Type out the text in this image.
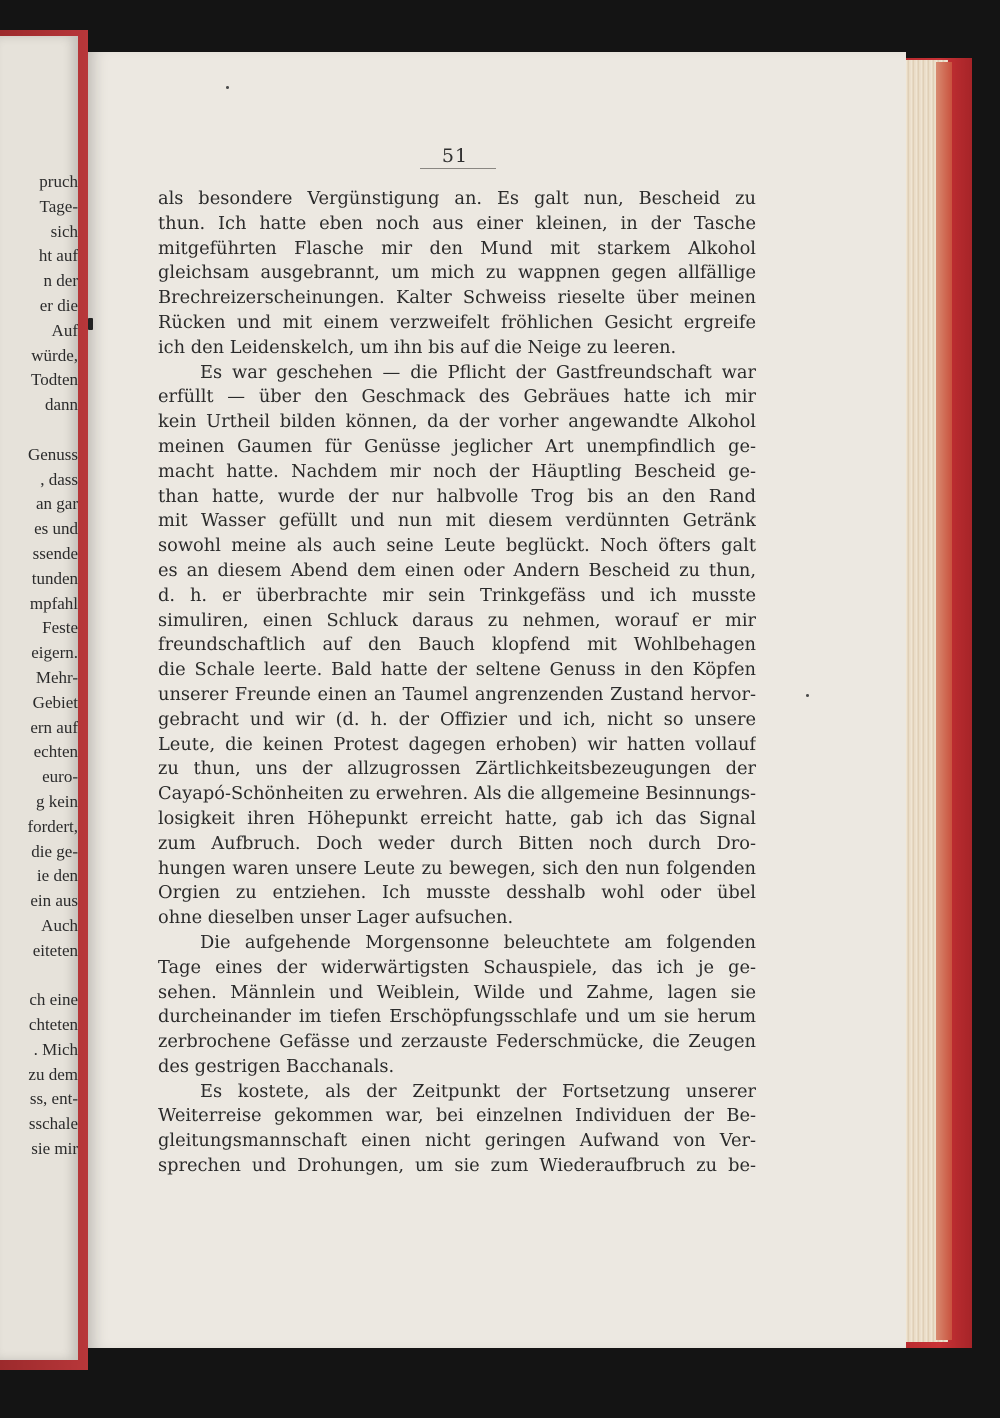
pruch
Tage-
sich
ht auf
n der
er die
Auf
würde,
Todten
dann
Genuss
, dass
an gar
es und
ssende
tunden
mpfahl
Feste
eigern.
Mehr-
Gebiet
ern auf
echten
euro-
g kein
fordert,
die ge-
ie den
ein aus
Auch
eiteten
ch eine
chteten
. Mich
zu dem
ss, ent-
sschale
sie mir
51
als besondere Vergünstigung an. Es galt nun, Bescheid zu
thun. Ich hatte eben noch aus einer kleinen, in der Tasche
mitgeführten Flasche mir den Mund mit starkem Alkohol
gleichsam ausgebrannt, um mich zu wappnen gegen allfällige
Brechreizerscheinungen. Kalter Schweiss rieselte über meinen
Rücken und mit einem verzweifelt fröhlichen Gesicht ergreife
ich den Leidenskelch, um ihn bis auf die Neige zu leeren.
Es war geschehen — die Pflicht der Gastfreundschaft war
erfüllt — über den Geschmack des Gebräues hatte ich mir
kein Urtheil bilden können, da der vorher angewandte Alkohol
meinen Gaumen für Genüsse jeglicher Art unempfindlich ge-
macht hatte. Nachdem mir noch der Häuptling Bescheid ge-
than hatte, wurde der nur halbvolle Trog bis an den Rand
mit Wasser gefüllt und nun mit diesem verdünnten Getränk
sowohl meine als auch seine Leute beglückt. Noch öfters galt
es an diesem Abend dem einen oder Andern Bescheid zu thun,
d. h. er überbrachte mir sein Trinkgefäss und ich musste
simuliren, einen Schluck daraus zu nehmen, worauf er mir
freundschaftlich auf den Bauch klopfend mit Wohlbehagen
die Schale leerte. Bald hatte der seltene Genuss in den Köpfen
unserer Freunde einen an Taumel angrenzenden Zustand hervor-
gebracht und wir (d. h. der Offizier und ich, nicht so unsere
Leute, die keinen Protest dagegen erhoben) wir hatten vollauf
zu thun, uns der allzugrossen Zärtlichkeitsbezeugungen der
Cayapó-Schönheiten zu erwehren. Als die allgemeine Besinnungs-
losigkeit ihren Höhepunkt erreicht hatte, gab ich das Signal
zum Aufbruch. Doch weder durch Bitten noch durch Dro-
hungen waren unsere Leute zu bewegen, sich den nun folgenden
Orgien zu entziehen. Ich musste desshalb wohl oder übel
ohne dieselben unser Lager aufsuchen.
Die aufgehende Morgensonne beleuchtete am folgenden
Tage eines der widerwärtigsten Schauspiele, das ich je ge-
sehen. Männlein und Weiblein, Wilde und Zahme, lagen sie
durcheinander im tiefen Erschöpfungsschlafe und um sie herum
zerbrochene Gefässe und zerzauste Federschmücke, die Zeugen
des gestrigen Bacchanals.
Es kostete, als der Zeitpunkt der Fortsetzung unserer
Weiterreise gekommen war, bei einzelnen Individuen der Be-
gleitungsmannschaft einen nicht geringen Aufwand von Ver-
sprechen und Drohungen, um sie zum Wiederaufbruch zu be-
